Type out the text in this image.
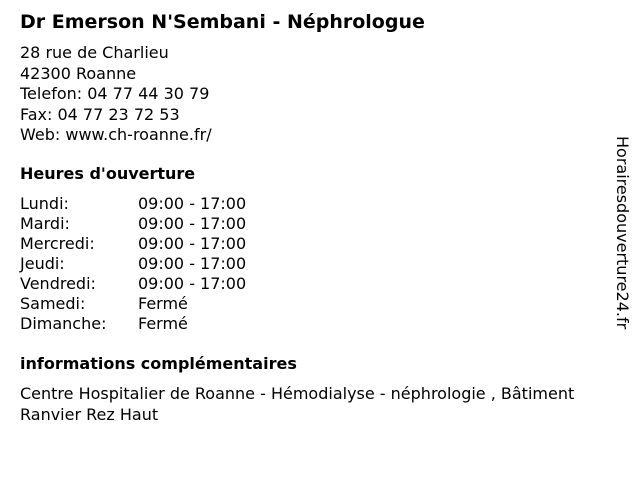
Dr Emerson N'Sembani - Néphrologue
28 rue de Charlieu
42300 Roanne
Telefon: 04 77 44 30 79
Fax: 04 77 23 72 53
Web: www.ch-roanne.fr/
Heures d'ouverture
Lundi:	09:00 - 17:00
Mardi:	09:00 - 17:00
Mercredi:	09:00 - 17:00
Jeudi:	09:00 - 17:00
Vendredi:	09:00 - 17:00
Samedi:	Fermé
Dimanche:	Fermé
informations complémentaires
Centre Hospitalier de Roanne - Hémodialyse - néphrologie , Bâtiment Ranvier Rez Haut
Horairesdouverture24.fr
